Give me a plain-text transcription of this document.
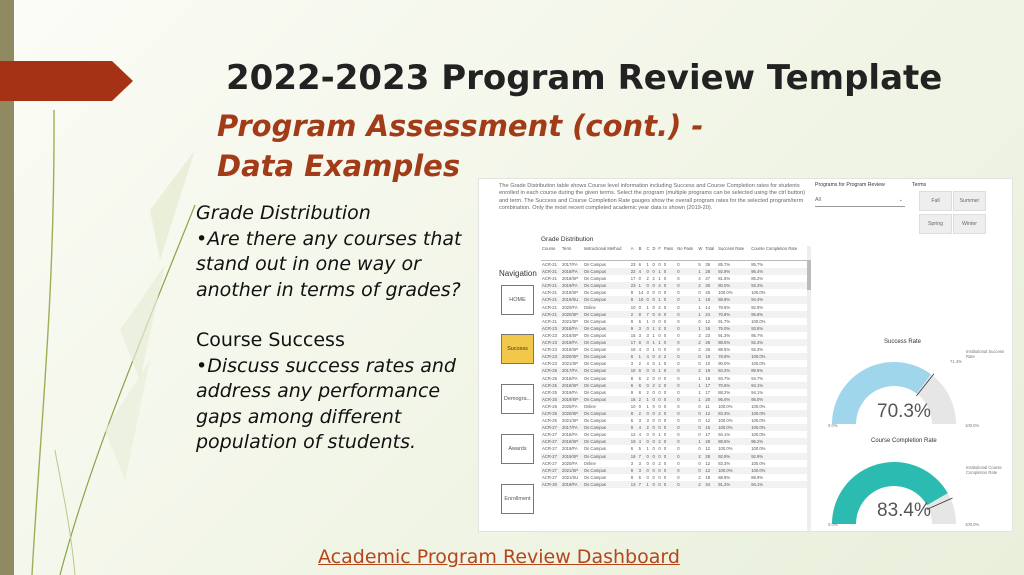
2022-2023 Program Review Template
Program Assessment (cont.) -
Data Examples
Grade Distribution
•Are there any courses that
stand out in one way or
another in terms of grades?
Course Success
•Discuss success rates and
address any performance
gaps among different
population of students.
The Grade Distribution table shows Course level information including Success and Course Completion rates for students enrolled in each course during the given terms. Select the program (multiple programs can be selected using the ctrl button) and term. The Success and Course Completion Rate gauges show the overall program rates for the selected program/term combination. Only the most recent completed academic year data is shown (2019-20).
Programs for Program Review
All	⌄
Terms
Fall	Summer
Spring	Winter
Navigation
HOME
Success
Demogra...
Awards
Enrollment
Grade Distribution
Course	Term	Instructional Method	A	B	C	D	F	Pass	No Pass	W	Total	Success Rate	Course Completion Rate
ACR-21	2017/FA	On Campus	23	6	1	0	0	0	0	5	35	85.7%	85.7%
ACR-21	2018/FA	On Campus	22	4	0	0	1	0	0	1	28	92.9%	96.4%
ACR-21	2018/SP	On Campus	17	0	2	2	1	0	0	4	27	81.5%	85.2%
ACR-21	2019/FA	On Campus	23	1	0	0	4	0	0	2	30	80.0%	93.3%
ACR-21	2019/SP	On Campus	9	14	3	0	0	0	0	0	26	100.0%	100.0%
ACR-21	2019/SU	On Campus	9	10	0	0	1	0	0	1	18	88.9%	94.4%
ACR-21	2020/FA	Online	10	0	1	0	2	0	0	1	14	78.6%	92.9%
ACR-21	2020/SP	On Campus	2	8	7	0	6	0	0	1	24	70.8%	95.8%
ACR-21	2021/SP	On Campus	9	5	1	0	0	0	0	0	12	91.7%	100.0%
ACR-23	2018/FA	On Campus	9	3	0	1	2	0	0	1	16	75.0%	93.8%
ACR-23	2018/SP	On Campus	15	3	3	1	0	0	0	3	23	91.3%	95.7%
ACR-23	2019/FA	On Campus	17	6	0	1	1	0	0	2	26	88.5%	92.3%
ACR-23	2019/SP	On Campus	16	4	0	1	0	0	0	2	26	88.5%	92.3%
ACR-23	2020/SP	On Campus	6	1	4	0	4	2	0	0	19	78.9%	100.0%
ACR-23	2021/SP	On Campus	3	2	4	0	1	0	0	0	10	90.0%	100.0%
ACR-25	2017/FA	On Campus	10	6	0	0	1	0	0	2	19	84.2%	89.5%
ACR-25	2018/FA	On Campus	8	6	2	0	0	0	0	1	18	94.7%	94.7%
ACR-25	2018/SP	On Campus	6	6	0	2	2	0	0	1	17	70.6%	94.1%
ACR-25	2019/FA	On Campus	9	8	2	0	0	0	0	1	17	88.2%	94.1%
ACR-25	2019/SP	On Campus	16	2	1	0	0	0	0	1	20	95.0%	95.0%
ACR-25	2020/FA	Online	10	0	1	0	0	0	0	0	11	100.0%	100.0%
ACR-25	2020/SP	On Campus	8	2	0	0	2	0	0	0	12	83.3%	100.0%
ACR-25	2021/SP	On Campus	6	3	3	0	0	0	0	0	12	100.0%	100.0%
ACR-27	2017/FA	On Campus	9	4	2	0	0	0	0	0	15	100.0%	100.0%
ACR-27	2018/FA	On Campus	12	4	0	0	1	0	0	0	17	94.1%	100.0%
ACR-27	2018/SP	On Campus	19	4	0	0	2	0	0	1	26	88.5%	96.2%
ACR-27	2019/FA	On Campus	6	5	1	0	0	0	0	0	12	100.0%	100.0%
ACR-27	2019/SP	On Campus	19	7	0	0	0	0	0	2	28	92.9%	92.9%
ACR-27	2020/FA	Online	3	3	0	0	2	0	0	0	12	83.3%	100.0%
ACR-27	2021/SP	On Campus	9	3	0	0	0	0	0	0	12	100.0%	100.0%
ACR-27	2021/SU	On Campus	9	5	0	0	0	0	0	2	18	88.9%	88.9%
ACR-30	2019/FA	On Campus	13	7	1	0	0	0	0	2	34	91.2%	94.1%
Success Rate
70.3%
0.0%	100.0%
71.4%
Institutional Success Rate
Course Completion Rate
83.4%
0.0%	100.0%
Institutional Course Completion Rate
Academic Program Review Dashboard
